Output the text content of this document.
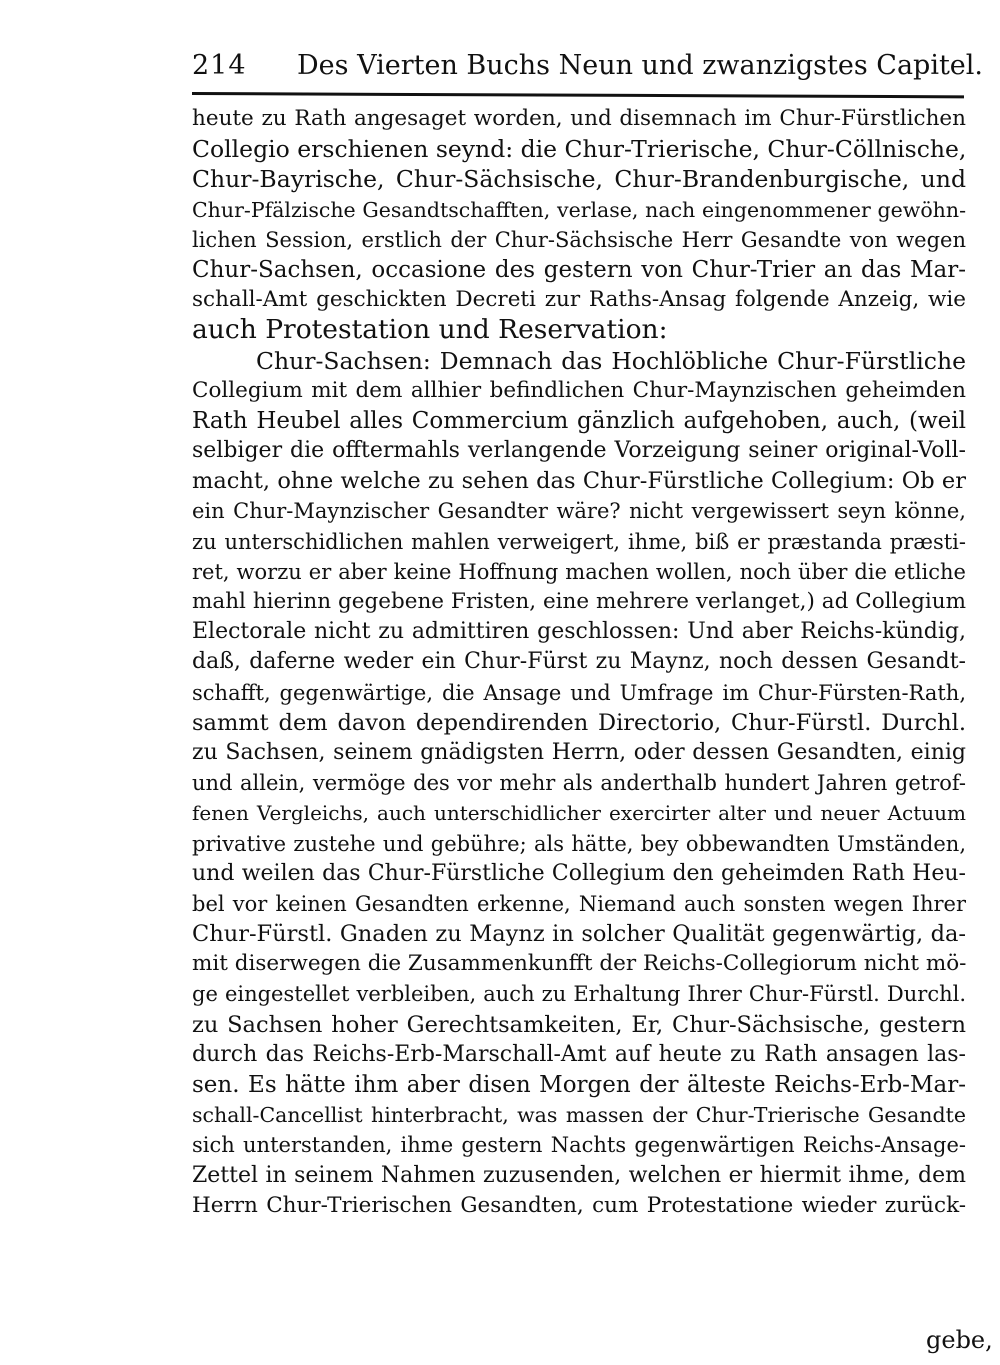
214 Des Vierten Buchs Neun und zwanzigstes Capitel.
heute zu Rath angesaget worden, und disemnach im Chur-Fürstlichen
Collegio erschienen seynd: die Chur-Trierische, Chur-Cöllnische,
Chur-Bayrische, Chur-Sächsische, Chur-Brandenburgische, und
Chur-Pfälzische Gesandtschafften, verlase, nach eingenommener gewöhn-
lichen Session, erstlich der Chur-Sächsische Herr Gesandte von wegen
Chur-Sachsen, occasione des gestern von Chur-Trier an das Mar-
schall-Amt geschickten Decreti zur Raths-Ansag folgende Anzeig, wie
auch Protestation und Reservation:
Chur-Sachsen: Demnach das Hochlöbliche Chur-Fürstliche
Collegium mit dem allhier befindlichen Chur-Maynzischen geheimden
Rath Heubel alles Commercium gänzlich aufgehoben, auch, (weil
selbiger die offtermahls verlangende Vorzeigung seiner original-Voll-
macht, ohne welche zu sehen das Chur-Fürstliche Collegium: Ob er
ein Chur-Maynzischer Gesandter wäre? nicht vergewissert seyn könne,
zu unterschidlichen mahlen verweigert, ihme, biß er præstanda præsti-
ret, worzu er aber keine Hoffnung machen wollen, noch über die etliche
mahl hierinn gegebene Fristen, eine mehrere verlanget,) ad Collegium
Electorale nicht zu admittiren geschlossen: Und aber Reichs-kündig,
daß, daferne weder ein Chur-Fürst zu Maynz, noch dessen Gesandt-
schafft, gegenwärtige, die Ansage und Umfrage im Chur-Fürsten-Rath,
sammt dem davon dependirenden Directorio, Chur-Fürstl. Durchl.
zu Sachsen, seinem gnädigsten Herrn, oder dessen Gesandten, einig
und allein, vermöge des vor mehr als anderthalb hundert Jahren getrof-
fenen Vergleichs, auch unterschidlicher exercirter alter und neuer Actuum
privative zustehe und gebühre; als hätte, bey obbewandten Umständen,
und weilen das Chur-Fürstliche Collegium den geheimden Rath Heu-
bel vor keinen Gesandten erkenne, Niemand auch sonsten wegen Ihrer
Chur-Fürstl. Gnaden zu Maynz in solcher Qualität gegenwärtig, da-
mit diserwegen die Zusammenkunfft der Reichs-Collegiorum nicht mö-
ge eingestellet verbleiben, auch zu Erhaltung Ihrer Chur-Fürstl. Durchl.
zu Sachsen hoher Gerechtsamkeiten, Er, Chur-Sächsische, gestern
durch das Reichs-Erb-Marschall-Amt auf heute zu Rath ansagen las-
sen. Es hätte ihm aber disen Morgen der älteste Reichs-Erb-Mar-
schall-Cancellist hinterbracht, was massen der Chur-Trierische Gesandte
sich unterstanden, ihme gestern Nachts gegenwärtigen Reichs-Ansage-
Zettel in seinem Nahmen zuzusenden, welchen er hiermit ihme, dem
Herrn Chur-Trierischen Gesandten, cum Protestatione wieder zurück-
gebe,
